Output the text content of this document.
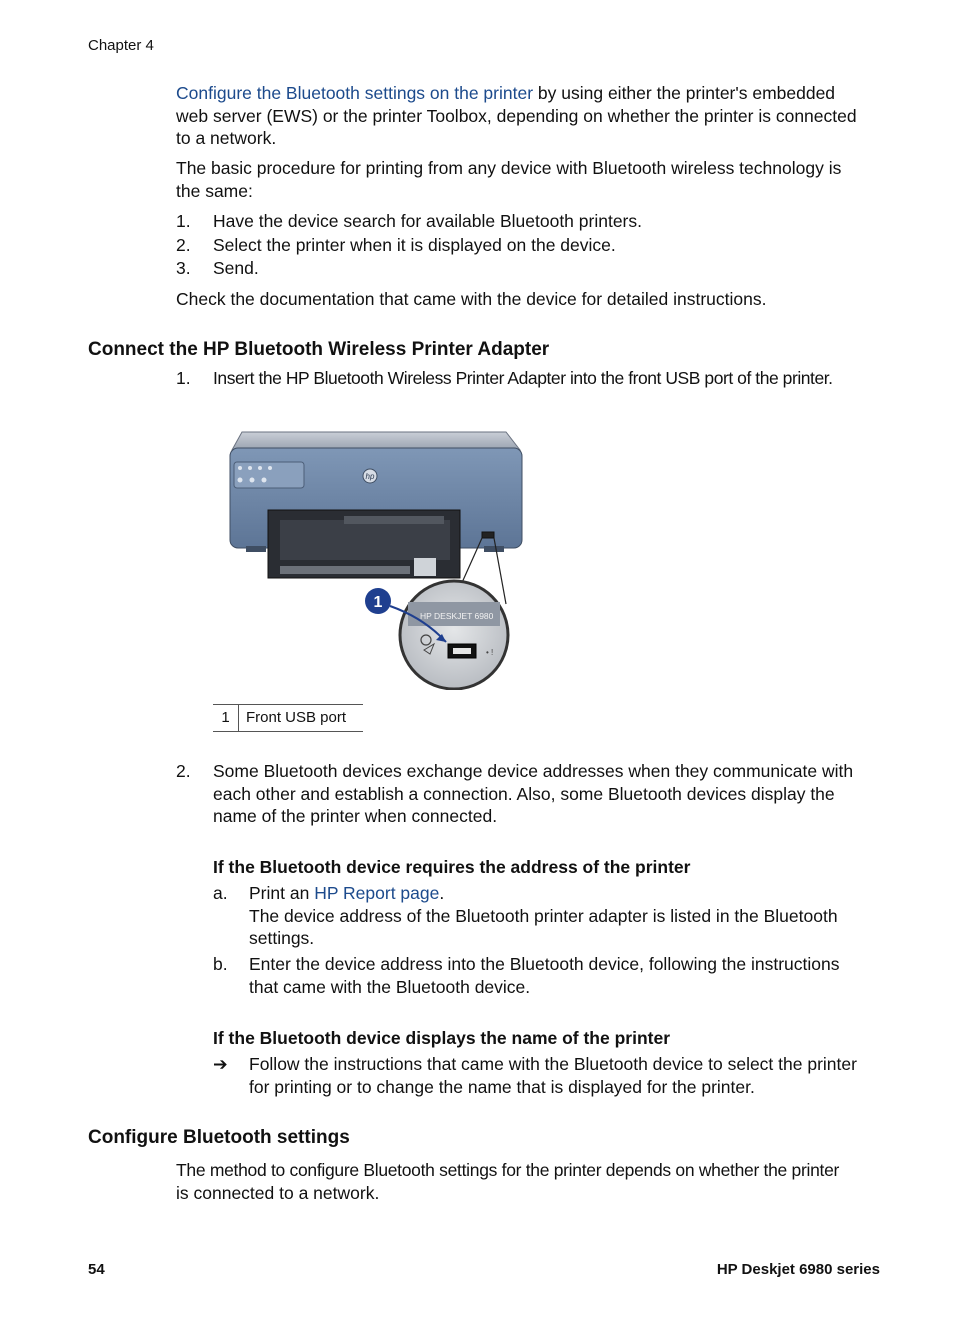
Chapter 4
Configure the Bluetooth settings on the printer by using either the printer's embedded
web server (EWS) or the printer Toolbox, depending on whether the printer is connected
to a network.
The basic procedure for printing from any device with Bluetooth wireless technology is
the same:
1. Have the device search for available Bluetooth printers.
2. Select the printer when it is displayed on the device.
3. Send.
Check the documentation that came with the device for detailed instructions.
Connect the HP Bluetooth Wireless Printer Adapter
1. Insert the HP Bluetooth Wireless Printer Adapter into the front USB port of the printer.
hp
HP DESKJET 6980
• !
1
1	Front USB port
2. Some Bluetooth devices exchange device addresses when they communicate with
each other and establish a connection. Also, some Bluetooth devices display the
name of the printer when connected.
If the Bluetooth device requires the address of the printer
a. Print an HP Report page.
The device address of the Bluetooth printer adapter is listed in the Bluetooth
settings.
b. Enter the device address into the Bluetooth device, following the instructions
that came with the Bluetooth device.
If the Bluetooth device displays the name of the printer
➔ Follow the instructions that came with the Bluetooth device to select the printer
for printing or to change the name that is displayed for the printer.
Configure Bluetooth settings
The method to configure Bluetooth settings for the printer depends on whether the printer
is connected to a network.
54	HP Deskjet 6980 series
